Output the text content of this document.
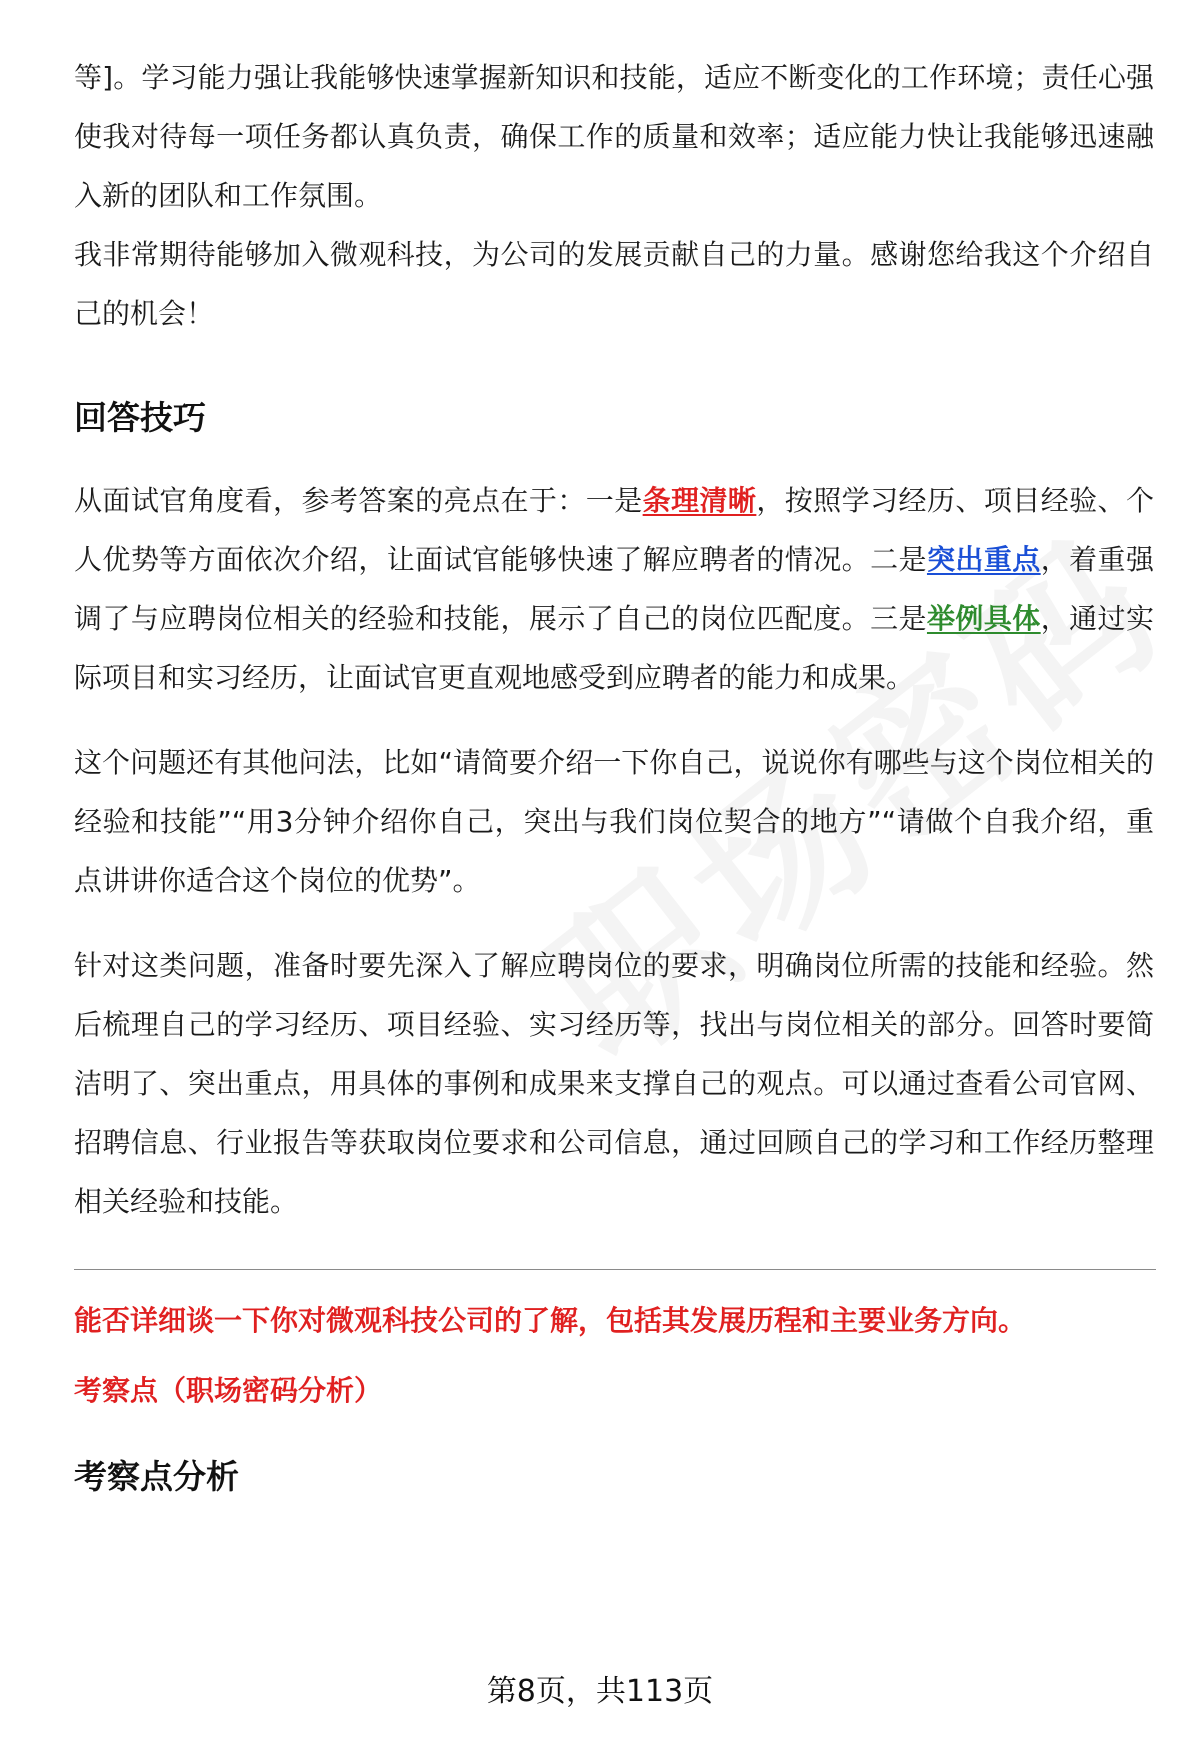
等]。学习能力强让我能够快速掌握新知识和技能，适应不断变化的工作环境；责任心强使我对待每一项任务都认真负责，确保工作的质量和效率；适应能力快让我能够迅速融入新的团队和工作氛围。

我非常期待能够加入微观科技，为公司的发展贡献自己的力量。感谢您给我这个介绍自己的机会！

回答技巧

从面试官角度看，参考答案的亮点在于：一是条理清晰，按照学习经历、项目经验、个人优势等方面依次介绍，让面试官能够快速了解应聘者的情况。二是突出重点，着重强调了与应聘岗位相关的经验和技能，展示了自己的岗位匹配度。三是举例具体，通过实际项目和实习经历，让面试官更直观地感受到应聘者的能力和成果。

这个问题还有其他问法，比如“请简要介绍一下你自己，说说你有哪些与这个岗位相关的经验和技能”“用3分钟介绍你自己，突出与我们岗位契合的地方”“请做个自我介绍，重点讲讲你适合这个岗位的优势”。

针对这类问题，准备时要先深入了解应聘岗位的要求，明确岗位所需的技能和经验。然后梳理自己的学习经历、项目经验、实习经历等，找出与岗位相关的部分。回答时要简洁明了、突出重点，用具体的事例和成果来支撑自己的观点。可以通过查看公司官网、招聘信息、行业报告等获取岗位要求和公司信息，通过回顾自己的学习和工作经历整理相关经验和技能。

能否详细谈一下你对微观科技公司的了解，包括其发展历程和主要业务方向。
考察点（职场密码分析）
考察点分析
第8页，共113页
